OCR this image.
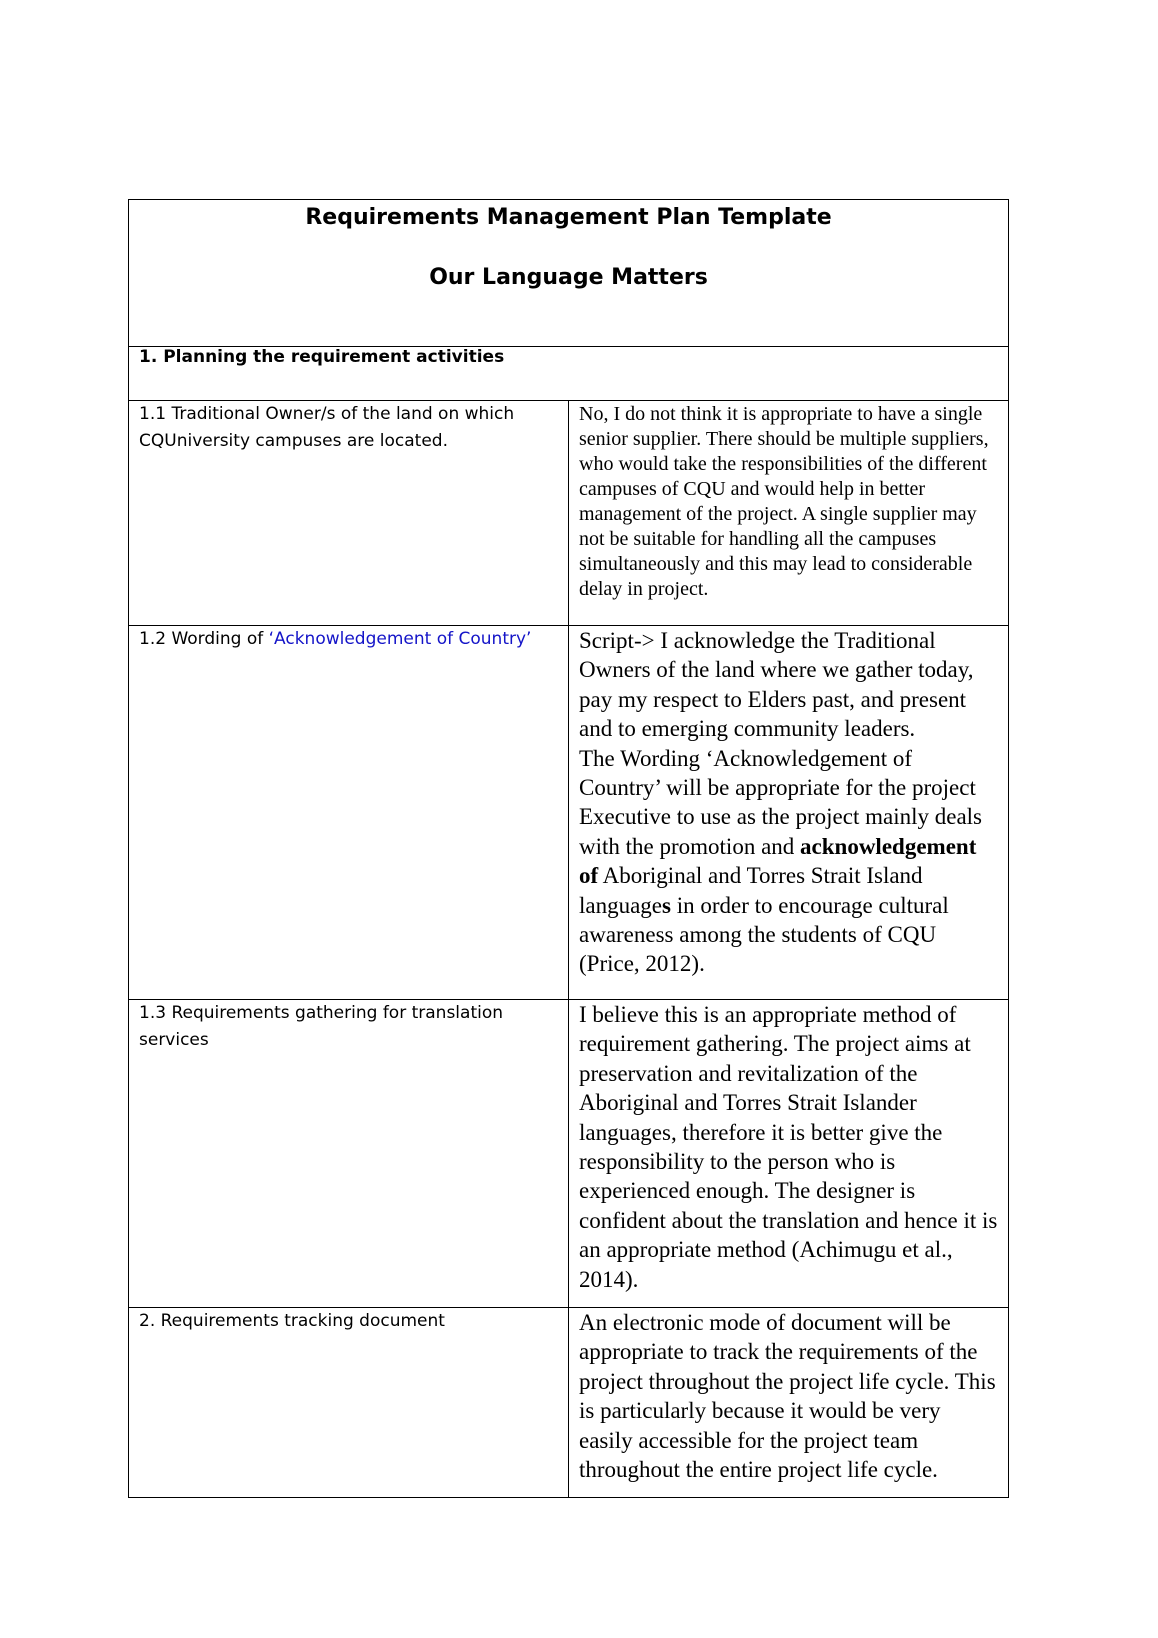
Requirements Management Plan Template
Our Language Matters	

1. Planning the requirement activities	

1.1 Traditional Owner/s of the land on which CQUniversity campuses are located.	No, I do not think it is appropriate to have a single senior supplier. There should be multiple suppliers, who would take the responsibilities of the different campuses of CQU and would help in better management of the project. A single supplier may not be suitable for handling all the campuses simultaneously and this may lead to considerable delay in project.

1.2 Wording of ‘Acknowledgement of Country’	Script-> I acknowledge the Traditional Owners of the land where we gather today, pay my respect to Elders past, and present and to emerging community leaders.

The Wording ‘Acknowledgement of Country’ will be appropriate for the project Executive to use as the project mainly deals with the promotion and acknowledgement of Aboriginal and Torres Strait Island languages in order to encourage cultural awareness among the students of CQU (Price, 2012).

1.3 Requirements gathering for translation services	I believe this is an appropriate method of requirement gathering. The project aims at preservation and revitalization of the Aboriginal and Torres Strait Islander languages, therefore it is better give the responsibility to the person who is experienced enough. The designer is confident about the translation and hence it is an appropriate method (Achimugu et al., 2014).

2. Requirements tracking document	An electronic mode of document will be appropriate to track the requirements of the project throughout the project life cycle. This is particularly because it would be very easily accessible for the project team throughout the entire project life cycle.
